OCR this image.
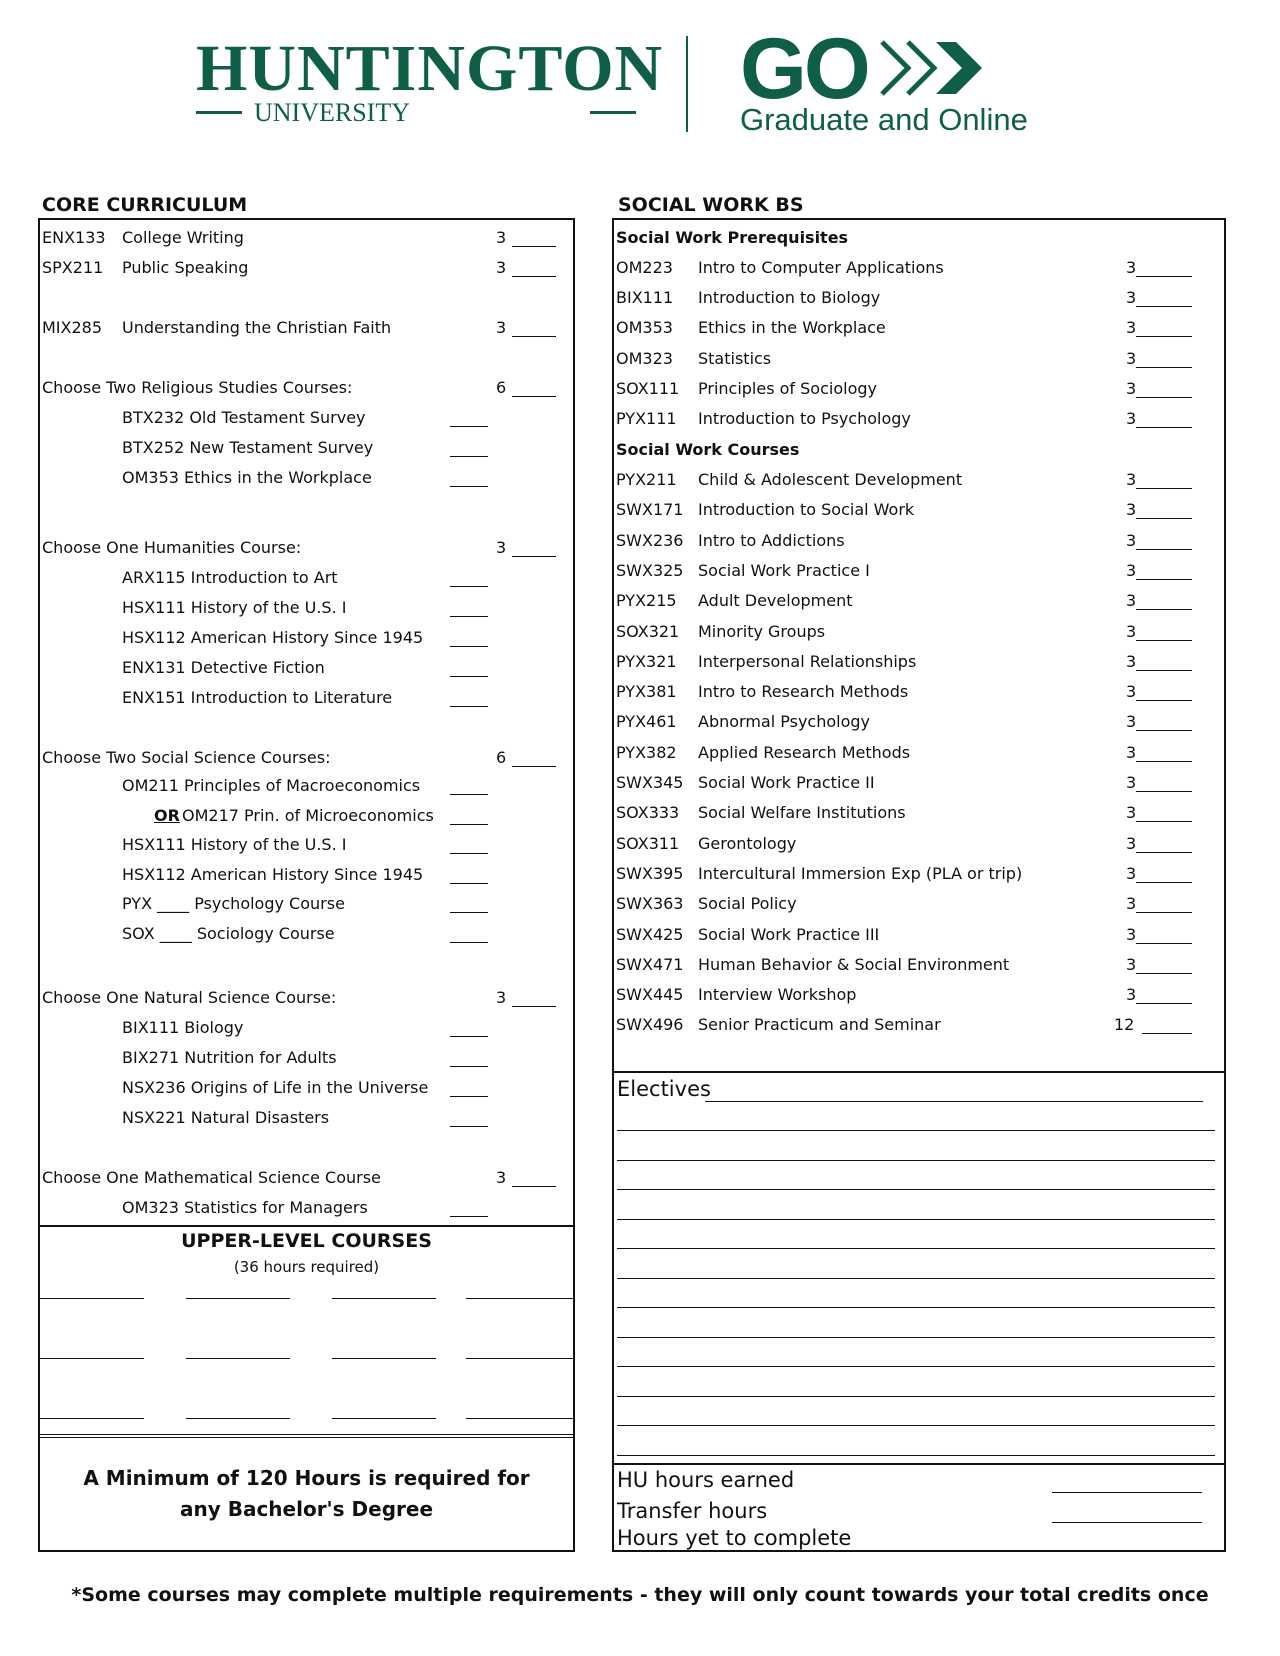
HUNTINGTON
UNIVERSITY	GO
Graduate and Online
CORE CURRICULUM
ENX133 College Writing	3
SPX211 Public Speaking	3
MIX285 Understanding the Christian Faith	3
Choose Two Religious Studies Courses:	6
BTX232 Old Testament Survey
BTX252 New Testament Survey
OM353 Ethics in the Workplace
Choose One Humanities Course:	3
ARX115 Introduction to Art
HSX111 History of the U.S. I
HSX112 American History Since 1945
ENX131 Detective Fiction
ENX151 Introduction to Literature
Choose Two Social Science Courses:	6
OM211 Principles of Macroeconomics
OR OM217 Prin. of Microeconomics
HSX111 History of the U.S. I
HSX112 American History Since 1945
PYX ____ Psychology Course
SOX ____ Sociology Course
Choose One Natural Science Course:	3
BIX111 Biology
BIX271 Nutrition for Adults
NSX236 Origins of Life in the Universe
NSX221 Natural Disasters
Choose One Mathematical Science Course	3
OM323 Statistics for Managers
UPPER-LEVEL COURSES
(36 hours required)
A Minimum of 120 Hours is required for
any Bachelor's Degree
SOCIAL WORK BS
Social Work Prerequisites
OM223 Intro to Computer Applications	3
BIX111 Introduction to Biology	3
OM353 Ethics in the Workplace	3
OM323 Statistics	3
SOX111 Principles of Sociology	3
PYX111 Introduction to Psychology	3
Social Work Courses
PYX211 Child & Adolescent Development	3
SWX171 Introduction to Social Work	3
SWX236 Intro to Addictions	3
SWX325 Social Work Practice I	3
PYX215 Adult Development	3
SOX321 Minority Groups	3
PYX321 Interpersonal Relationships	3
PYX381 Intro to Research Methods	3
PYX461 Abnormal Psychology	3
PYX382 Applied Research Methods	3
SWX345 Social Work Practice II	3
SOX333 Social Welfare Institutions	3
SOX311 Gerontology	3
SWX395 Intercultural Immersion Exp (PLA or trip)	3
SWX363 Social Policy	3
SWX425 Social Work Practice III	3
SWX471 Human Behavior & Social Environment	3
SWX445 Interview Workshop	3
SWX496 Senior Practicum and Seminar	12
Electives
HU hours earned
Transfer hours
Hours yet to complete
*Some courses may complete multiple requirements - they will only count towards your total credits once
